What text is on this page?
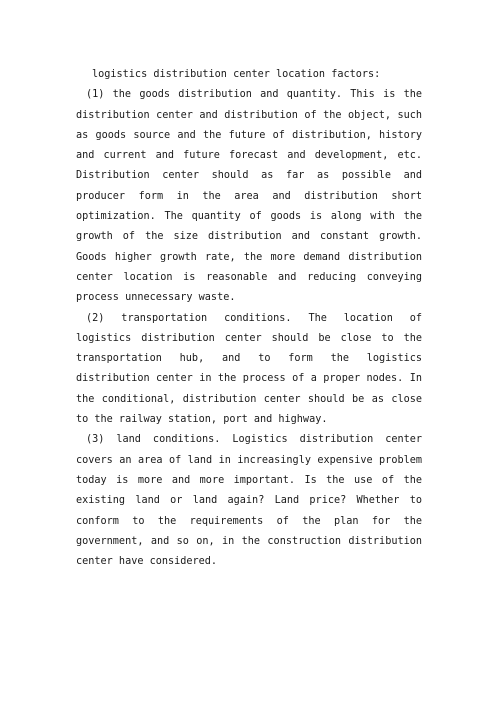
logistics distribution center location factors:

(1) the goods distribution and quantity. This is the distribution center and distribution of the object, such as goods source and the future of distribution, history and current and future forecast and development, etc. Distribution center should as far as possible and producer form in the area and distribution short optimization. The quantity of goods is along with the growth of the size distribution and constant growth. Goods higher growth rate, the more demand distribution center location is reasonable and reducing conveying process unnecessary waste.

(2) transportation conditions. The location of logistics distribution center should be close to the transportation hub, and to form the logistics distribution center in the process of a proper nodes. In the conditional, distribution center should be as close to the railway station, port and highway.

(3) land conditions. Logistics distribution center covers an area of land in increasingly expensive problem today is more and more important. Is the use of the existing land or land again? Land price? Whether to conform to the requirements of the plan for the government, and so on, in the construction distribution center have considered.
